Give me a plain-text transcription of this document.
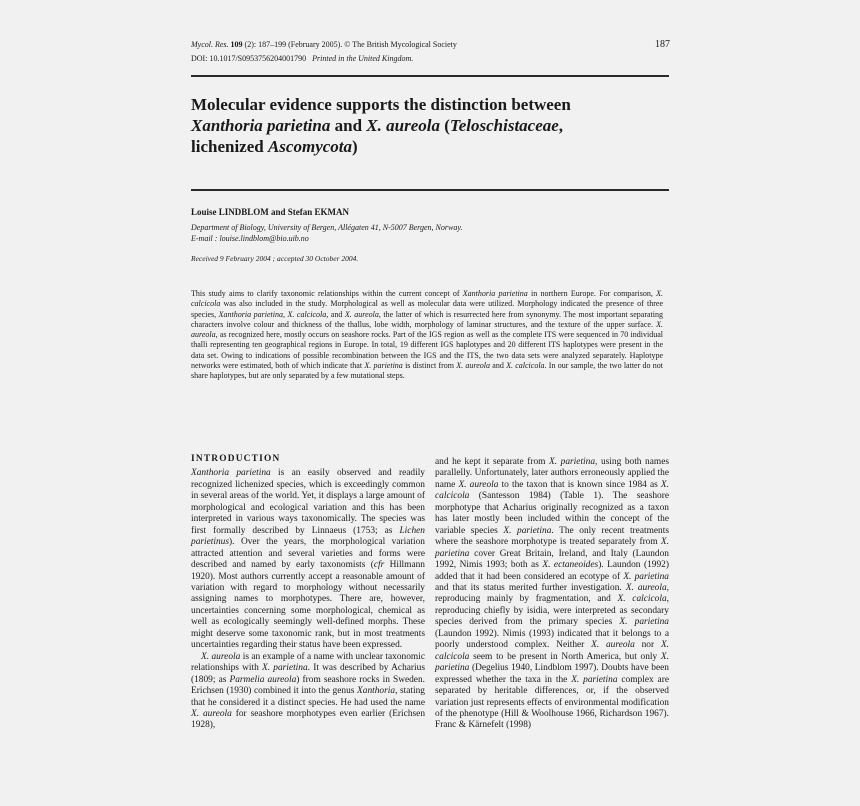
Mycol. Res. 109 (2): 187–199 (February 2005). © The British Mycological Society
DOI: 10.1017/S0953756204001790 Printed in the United Kingdom.
187
Molecular evidence supports the distinction between
Xanthoria parietina and X. aureola (Teloschistaceae,
lichenized Ascomycota)
Louise LINDBLOM and Stefan EKMAN
Department of Biology, University of Bergen, Allégaten 41, N-5007 Bergen, Norway.
E-mail : louise.lindblom@bio.uib.no
Received 9 February 2004 ; accepted 30 October 2004.
This study aims to clarify taxonomic relationships within the current concept of Xanthoria parietina in northern Europe. For comparison, X. calcicola was also included in the study. Morphological as well as molecular data were utilized. Morphology indicated the presence of three species, Xanthoria parietina, X. calcicola, and X. aureola, the latter of which is resurrected here from synonymy. The most important separating characters involve colour and thickness of the thallus, lobe width, morphology of laminar structures, and the texture of the upper surface. X. aureola, as recognized here, mostly occurs on seashore rocks. Part of the IGS region as well as the complete ITS were sequenced in 70 individual thalli representing ten geographical regions in Europe. In total, 19 different IGS haplotypes and 20 different ITS haplotypes were present in the data set. Owing to indications of possible recombination between the IGS and the ITS, the two data sets were analyzed separately. Haplotype networks were estimated, both of which indicate that X. parietina is distinct from X. aureola and X. calcicola. In our sample, the two latter do not share haplotypes, but are only separated by a few mutational steps.
INTRODUCTION

Xanthoria parietina is an easily observed and readily recognized lichenized species, which is exceedingly common in several areas of the world. Yet, it displays a large amount of morphological and ecological variation and this has been interpreted in various ways taxonomically. The species was first formally described by Linnaeus (1753; as Lichen parietinus). Over the years, the morphological variation attracted attention and several varieties and forms were described and named by early taxonomists (cfr Hillmann 1920). Most authors currently accept a reasonable amount of variation with regard to morphology without necessarily assigning names to morphotypes. There are, however, uncertainties concerning some morphological, chemical as well as ecologically seemingly well-defined morphs. These might deserve some taxonomic rank, but in most treatments uncertainties regarding their status have been expressed.

X. aureola is an example of a name with unclear taxonomic relationships with X. parietina. It was described by Acharius (1809; as Parmelia aureola) from seashore rocks in Sweden. Erichsen (1930) combined it into the genus Xanthoria, stating that he considered it a distinct species. He had used the name X. aureola for seashore morphotypes even earlier (Erichsen 1928),

and he kept it separate from X. parietina, using both names parallelly. Unfortunately, later authors erroneously applied the name X. aureola to the taxon that is known since 1984 as X. calcicola (Santesson 1984) (Table 1). The seashore morphotype that Acharius originally recognized as a taxon has later mostly been included within the concept of the variable species X. parietina. The only recent treatments where the seashore morphotype is treated separately from X. parietina cover Great Britain, Ireland, and Italy (Laundon 1992, Nimis 1993; both as X. ectaneoides). Laundon (1992) added that it had been considered an ecotype of X. parietina and that its status merited further investigation. X. aureola, reproducing mainly by fragmentation, and X. calcicola, reproducing chiefly by isidia, were interpreted as secondary species derived from the primary species X. parietina (Laundon 1992). Nimis (1993) indicated that it belongs to a poorly understood complex. Neither X. aureola nor X. calcicola seem to be present in North America, but only X. parietina (Degelius 1940, Lindblom 1997). Doubts have been expressed whether the taxa in the X. parietina complex are separated by heritable differences, or, if the observed variation just represents effects of environmental modification of the phenotype (Hill & Woolhouse 1966, Richardson 1967). Franc & Kärnefelt (1998)
